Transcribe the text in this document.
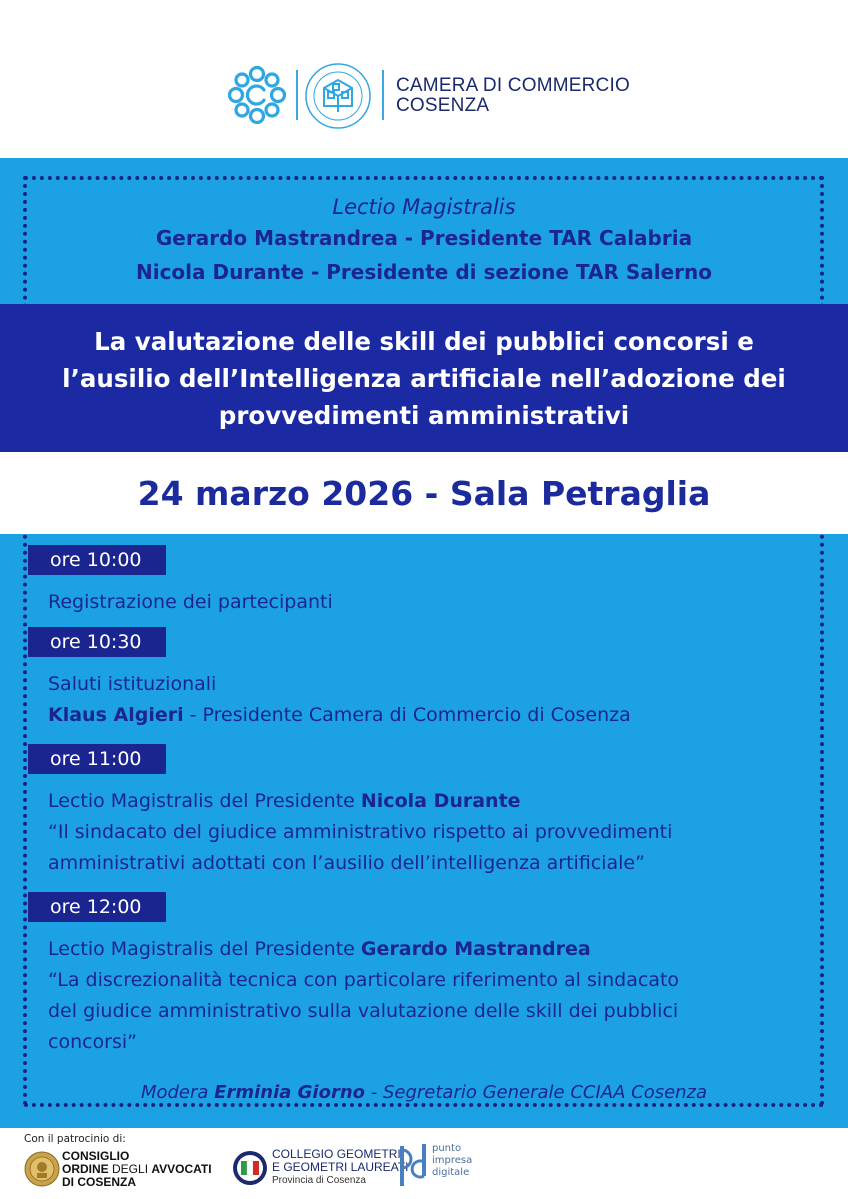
CAMERA DI COMMERCIO
COSENZA
Lectio Magistralis
Gerardo Mastrandrea - Presidente TAR Calabria
Nicola Durante - Presidente di sezione TAR Salerno
La valutazione delle skill dei pubblici concorsi e
l’ausilio dell’Intelligenza artificiale nell’adozione dei
provvedimenti amministrativi
24 marzo 2026 - Sala Petraglia
ore 10:00
Registrazione dei partecipanti
ore 10:30
Saluti istituzionali
Klaus Algieri - Presidente Camera di Commercio di Cosenza
ore 11:00
Lectio Magistralis del Presidente Nicola Durante
“Il sindacato del giudice amministrativo rispetto ai provvedimenti
amministrativi adottati con l’ausilio dell’intelligenza artificiale”
ore 12:00
Lectio Magistralis del Presidente Gerardo Mastrandrea
“La discrezionalità tecnica con particolare riferimento al sindacato
del giudice amministrativo sulla valutazione delle skill dei pubblici
concorsi”
Modera Erminia Giorno - Segretario Generale CCIAA Cosenza
Con il patrocinio di:
CONSIGLIO
ORDINE DEGLI AVVOCATI
DI COSENZA
COLLEGIO GEOMETRI
E GEOMETRI LAUREATI
Provincia di Cosenza
punto
impresa
digitale
